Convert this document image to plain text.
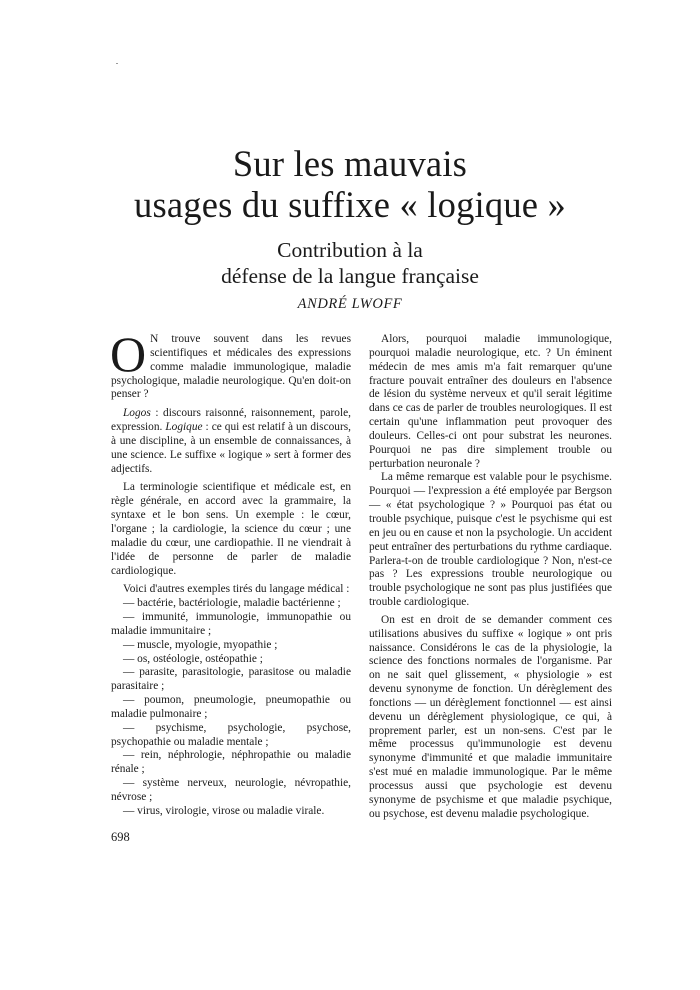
Sur les mauvais
usages du suffixe « logique »
Contribution à la
défense de la langue française
ANDRÉ LWOFF

O N trouve souvent dans les revues scientifiques et médicales des expressions comme maladie immunologique, maladie psychologique, maladie neurologique. Qu'en doit-on penser ?

Logos : discours raisonné, raisonnement, parole, expression. Logique : ce qui est relatif à un discours, à une discipline, à un ensemble de connaissances, à une science. Le suffixe « logique » sert à former des adjectifs.

La terminologie scientifique et médicale est, en règle générale, en accord avec la grammaire, la syntaxe et le bon sens. Un exemple : le cœur, l'organe ; la cardiologie, la science du cœur ; une maladie du cœur, une cardiopathie. Il ne viendrait à l'idée de personne de parler de maladie cardiologique.

Voici d'autres exemples tirés du langage médical :

— bactérie, bactériologie, maladie bactérienne ;

— immunité, immunologie, immunopathie ou maladie immunitaire ;

— muscle, myologie, myopathie ;

— os, ostéologie, ostéopathie ;

— parasite, parasitologie, parasitose ou maladie parasitaire ;

— poumon, pneumologie, pneumopathie ou maladie pulmonaire ;

— psychisme, psychologie, psychose, psychopathie ou maladie mentale ;

— rein, néphrologie, néphropathie ou maladie rénale ;

— système nerveux, neurologie, névropathie, névrose ;

— virus, virologie, virose ou maladie virale.

Alors, pourquoi maladie immunologique, pourquoi maladie neurologique, etc. ? Un éminent médecin de mes amis m'a fait remarquer qu'une fracture pouvait entraîner des douleurs en l'absence de lésion du système nerveux et qu'il serait légitime dans ce cas de parler de troubles neurologiques. Il est certain qu'une inflammation peut provoquer des douleurs. Celles-ci ont pour substrat les neurones. Pourquoi ne pas dire simplement trouble ou perturbation neuronale ?

La même remarque est valable pour le psychisme. Pourquoi — l'expression a été employée par Bergson — « état psychologique ? » Pourquoi pas état ou trouble psychique, puisque c'est le psychisme qui est en jeu ou en cause et non la psychologie. Un accident peut entraîner des perturbations du rythme cardiaque. Parlera-t-on de trouble cardiologique ? Non, n'est-ce pas ? Les expressions trouble neurologique ou trouble psychologique ne sont pas plus justifiées que trouble cardiologique.

On est en droit de se demander comment ces utilisations abusives du suffixe « logique » ont pris naissance. Considérons le cas de la physiologie, la science des fonctions normales de l'organisme. Par on ne sait quel glissement, « physiologie » est devenu synonyme de fonction. Un dérèglement des fonctions — un dérèglement fonctionnel — est ainsi devenu un dérèglement physiologique, ce qui, à proprement parler, est un non-sens. C'est par le même processus qu'immunologie est devenu synonyme d'immunité et que maladie immunitaire s'est mué en maladie immunologique. Par le même processus aussi que psychologie est devenu synonyme de psychisme et que maladie psychique, ou psychose, est devenu maladie psychologique.

698
